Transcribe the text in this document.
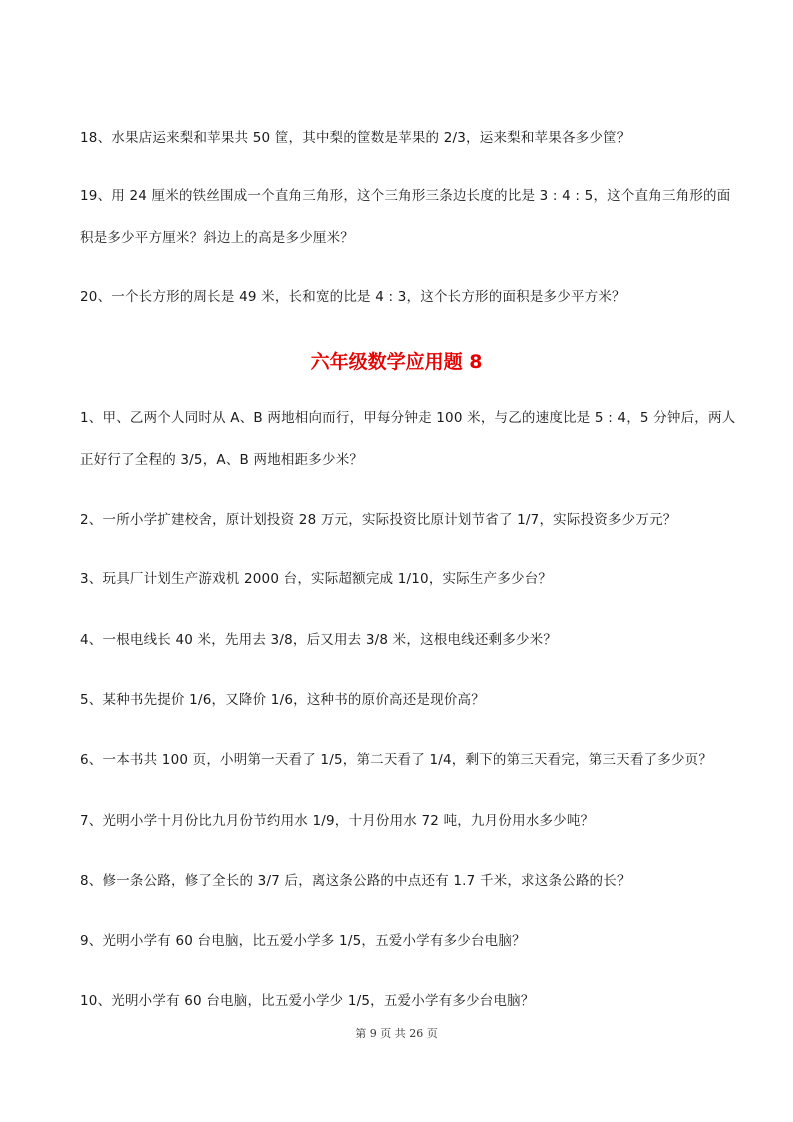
18、水果店运来梨和苹果共 50 筐，其中梨的筐数是苹果的 2/3，运来梨和苹果各多少筐？
19、用 24 厘米的铁丝围成一个直角三角形，这个三角形三条边长度的比是 3 : 4 : 5，这个直角三角形的面
积是多少平方厘米？斜边上的高是多少厘米？
20、一个长方形的周长是 49 米，长和宽的比是 4 : 3，这个长方形的面积是多少平方米？
六年级数学应用题 8
1、甲、乙两个人同时从 A、B 两地相向而行，甲每分钟走 100 米，与乙的速度比是 5 : 4，5 分钟后，两人
正好行了全程的 3/5，A、B 两地相距多少米？
2、一所小学扩建校舍，原计划投资 28 万元，实际投资比原计划节省了 1/7，实际投资多少万元？
3、玩具厂计划生产游戏机 2000 台，实际超额完成 1/10，实际生产多少台？
4、一根电线长 40 米，先用去 3/8，后又用去 3/8 米，这根电线还剩多少米？
5、某种书先提价 1/6，又降价 1/6，这种书的原价高还是现价高？
6、一本书共 100 页，小明第一天看了 1/5，第二天看了 1/4，剩下的第三天看完，第三天看了多少页？
7、光明小学十月份比九月份节约用水 1/9，十月份用水 72 吨，九月份用水多少吨？
8、修一条公路，修了全长的 3/7 后，离这条公路的中点还有 1.7 千米，求这条公路的长？
9、光明小学有 60 台电脑，比五爱小学多 1/5，五爱小学有多少台电脑？
10、光明小学有 60 台电脑，比五爱小学少 1/5，五爱小学有多少台电脑？
第 9 页 共 26 页
